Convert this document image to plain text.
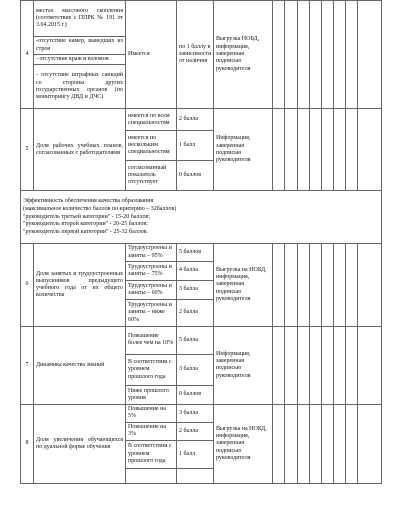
4	местах массового скопления (соответствие с ППРК № 191 от 3.04.2015 г.)	Имеется	по 1 баллу в зависимости от наличия	Выгрузка НОБД, информация, заверенная подписью руководителя								
	-отсутствие камер, выведших из строя											
	- отсутствие краж и взломов											
	- отсутствие штрафных санкций со стороны других государственных органов (по мониторингу ДВД и ДЧС)											
5	Доля рабочих учебных планов, согласованных с работодателями	имеется по всем специальностям	2 балла	Информация, заверенная подписью руководителя								
		имеется по нескольким специальностям	1 балл									
		согласованный показатель отсутствует	0 баллов									

Эффективность обеспечения качества образования
(максимальное количество баллов по критерию – 32баллов)
"руководитель третьей категории" - 15-20 баллов;
"руководитель второй категории" - 20-25 баллов;
"руководитель первой категории" - 25-32 баллов.												

6	Доля занятых и трудоустроенных выпускников предыдущего учебного года от их общего количества	Трудоустроены и заняты – 95%	5 баллов	Выгрузка на НОБД, информация, заверенная подписью руководителя								
		Трудоустроены и заняты – 75%	4 балла									
		Трудоустроены и заняты – 60%	3 балла									
		Трудоустроены и заняты – ниже 60%	2 балла									
7	Динамика качества знаний	Повышение более чем на 10%	5 балла	Информация, заверенная подписью руководителя								
		В соответствии с уровнем прошлого года	3 балла									
		Ниже прошлого уровня	0 баллов									
8	Доля увеличения обучающихся по дуальной форме обучения	Повышение на 5%	3 балла	Выгрузка на НОБД, информация, заверенная подписью руководителя								
		Повышение на 3%	2 балла									
		В соответствии с уровнем прошлого года	1 балл									
